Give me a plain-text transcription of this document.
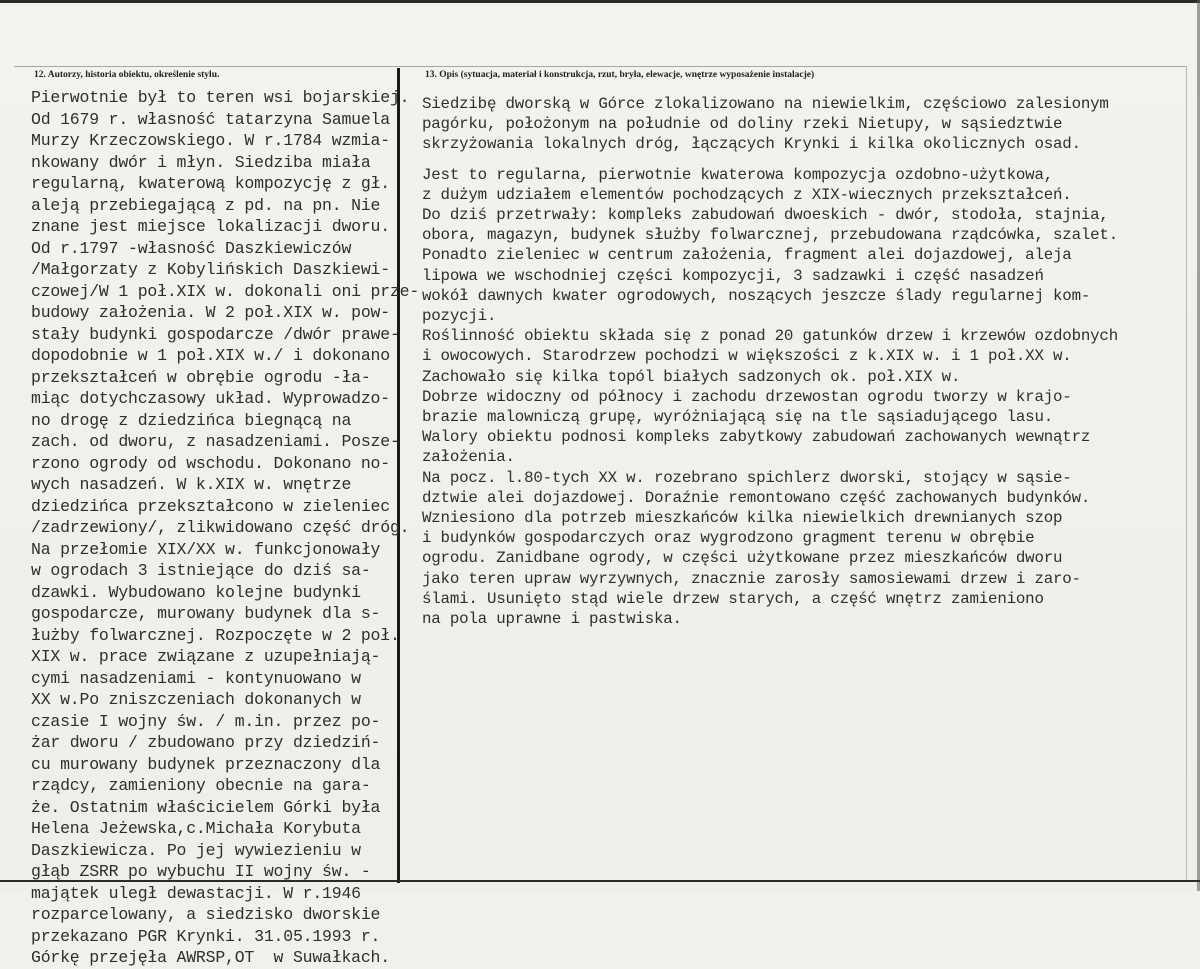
12. Autorzy, historia obiektu, określenie stylu.	13. Opis (sytuacja, materiał i konstrukcja, rzut, bryła, elewacje, wnętrze wyposażenie instalacje)
Pierwotnie był to teren wsi bojarskiej.
Od 1679 r. własność tatarzyna Samuela
Murzy Krzeczowskiego. W r.1784 wzmia-
nkowany dwór i młyn. Siedziba miała
regularną, kwaterową kompozycję z gł.
aleją przebiegającą z pd. na pn. Nie
znane jest miejsce lokalizacji dworu.
Od r.1797 -własność Daszkiewiczów
/Małgorzaty z Kobylińskich Daszkiewi-
czowej/W 1 poł.XIX w. dokonali oni prze-
budowy założenia. W 2 poł.XIX w. pow-
stały budynki gospodarcze /dwór prawe-
dopodobnie w 1 poł.XIX w./ i dokonano
przekształceń w obrębie ogrodu -ła-
miąc dotychczasowy układ. Wyprowadzo-
no drogę z dziedzińca biegnącą na
zach. od dworu, z nasadzeniami. Posze-
rzono ogrody od wschodu. Dokonano no-
wych nasadzeń. W k.XIX w. wnętrze
dziedzińca przekształcono w zieleniec
/zadrzewiony/, zlikwidowano część dróg.
Na przełomie XIX/XX w. funkcjonowały
w ogrodach 3 istniejące do dziś sa-
dzawki. Wybudowano kolejne budynki
gospodarcze, murowany budynek dla s-
łużby folwarcznej. Rozpoczęte w 2 poł.
XIX w. prace związane z uzupełniają-
cymi nasadzeniami - kontynuowano w
XX w.Po zniszczeniach dokonanych w
czasie I wojny św. / m.in. przez po-
żar dworu / zbudowano przy dziedziń-
cu murowany budynek przeznaczony dla
rządcy, zamieniony obecnie na gara-
że. Ostatnim właścicielem Górki była
Helena Jeżewska,c.Michała Korybuta
Daszkiewicza. Po jej wywiezieniu w
głąb ZSRR po wybuchu II wojny św. -
majątek uległ dewastacji. W r.1946
rozparcelowany, a siedzisko dworskie
przekazano PGR Krynki. 31.05.1993 r.
Górkę przejęła AWRSP,OT  w Suwałkach.
Siedzibę dworską w Górce zlokalizowano na niewielkim, częściowo zalesionym
pagórku, położonym na południe od doliny rzeki Nietupy, w sąsiedztwie
skrzyżowania lokalnych dróg, łączących Krynki i kilka okolicznych osad.
Jest to regularna, pierwotnie kwaterowa kompozycja ozdobno-użytkowa,
z dużym udziałem elementów pochodzących z XIX-wiecznych przekształceń.
Do dziś przetrwały: kompleks zabudowań dwoeskich - dwór, stodoła, stajnia,
obora, magazyn, budynek służby folwarcznej, przebudowana rządcówka, szalet.
Ponadto zieleniec w centrum założenia, fragment alei dojazdowej, aleja
lipowa we wschodniej części kompozycji, 3 sadzawki i część nasadzeń
wokół dawnych kwater ogrodowych, noszących jeszcze ślady regularnej kom-
pozycji.
Roślinność obiektu składa się z ponad 20 gatunków drzew i krzewów ozdobnych
i owocowych. Starodrzew pochodzi w większości z k.XIX w. i 1 poł.XX w.
Zachowało się kilka topól białych sadzonych ok. poł.XIX w.
Dobrze widoczny od północy i zachodu drzewostan ogrodu tworzy w krajo-
brazie malowniczą grupę, wyróżniającą się na tle sąsiadującego lasu.
Walory obiektu podnosi kompleks zabytkowy zabudowań zachowanych wewnątrz
założenia.
Na pocz. l.80-tych XX w. rozebrano spichlerz dworski, stojący w sąsie-
dztwie alei dojazdowej. Doraźnie remontowano część zachowanych budynków.
Wzniesiono dla potrzeb mieszkańców kilka niewielkich drewnianych szop
i budynków gospodarczych oraz wygrodzono gragment terenu w obrębie
ogrodu. Zanidbane ogrody, w części użytkowane przez mieszkańców dworu
jako teren upraw wyrzywnych, znacznie zarosły samosiewami drzew i zaro-
ślami. Usunięto stąd wiele drzew starych, a część wnętrz zamieniono
na pola uprawne i pastwiska.
